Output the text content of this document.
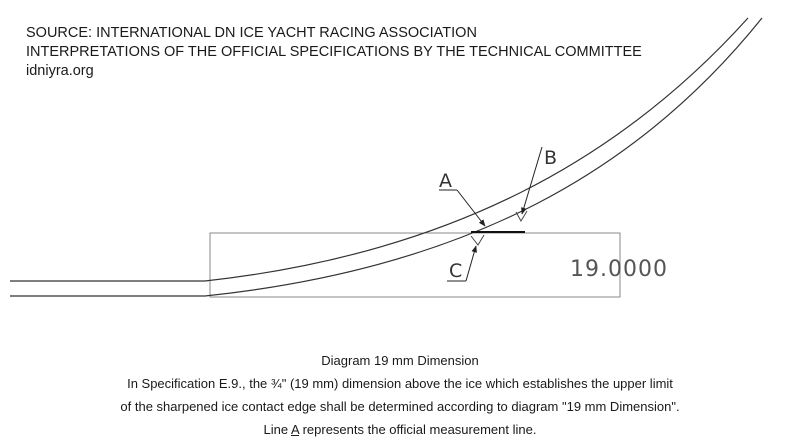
SOURCE: INTERNATIONAL DN ICE YACHT RACING ASSOCIATION
INTERPRETATIONS OF THE OFFICIAL SPECIFICATIONS BY THE TECHNICAL COMMITTEE
idniyra.org
A
B
C	19.0000
Diagram 19 mm Dimension
In Specification E.9., the ¾" (19 mm) dimension above the ice which establishes the upper limit
of the sharpened ice contact edge shall be determined according to diagram "19 mm Dimension".
Line A represents the official measurement line.
